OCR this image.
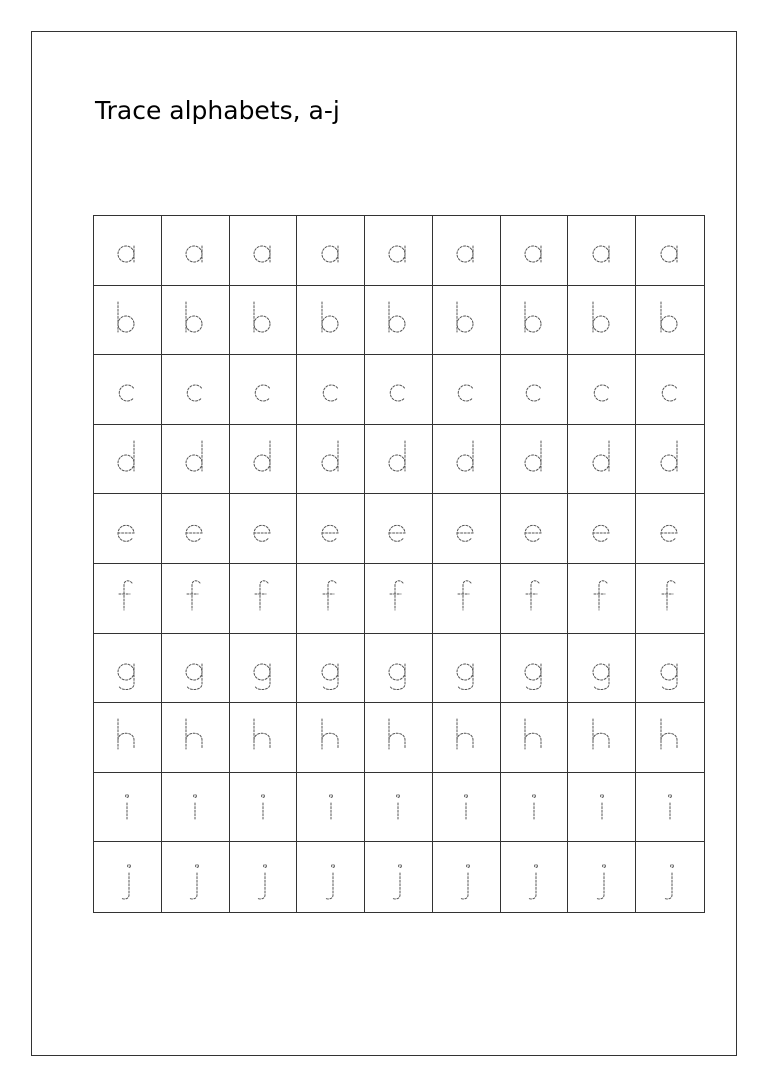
Trace alphabets, a-j
